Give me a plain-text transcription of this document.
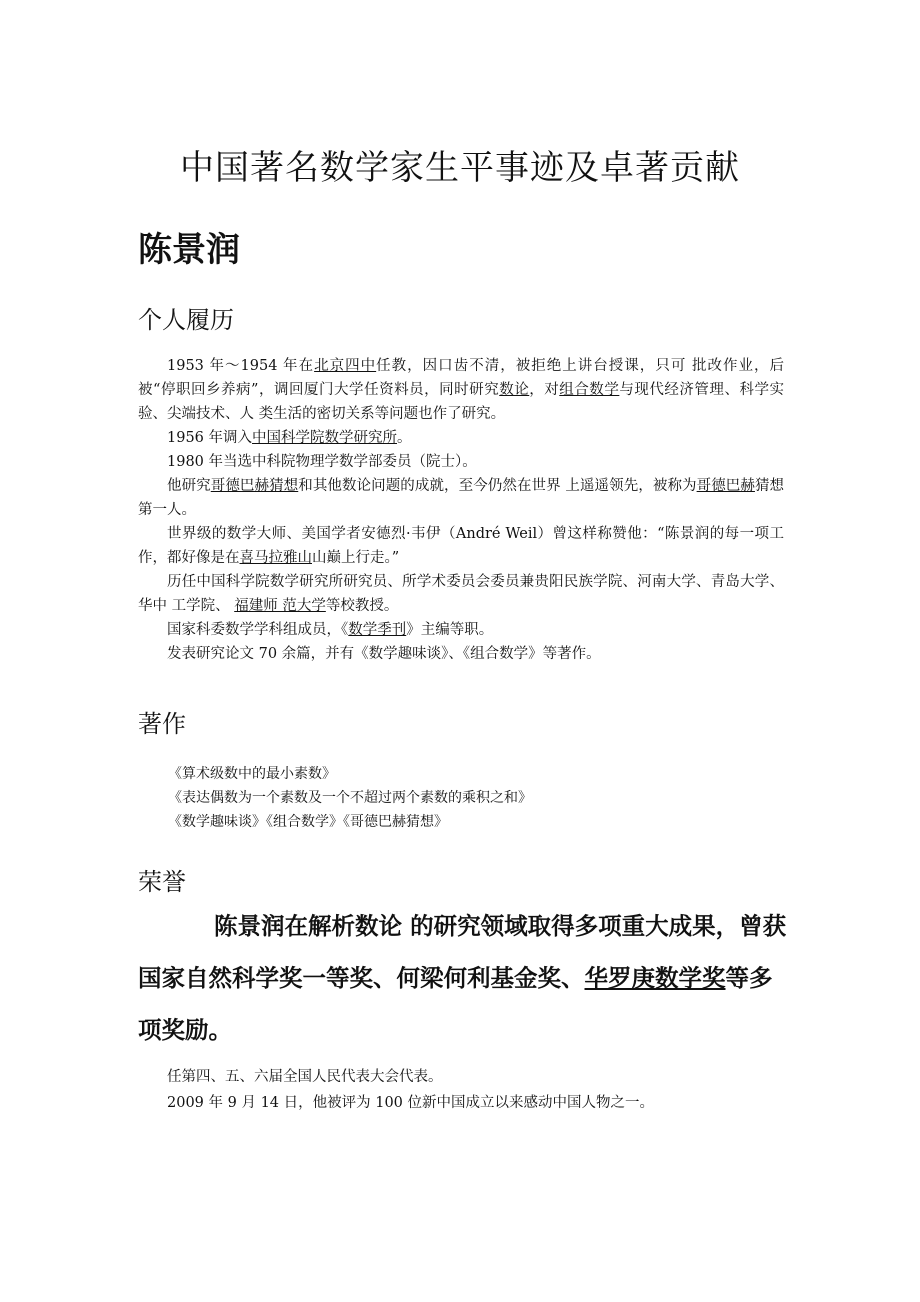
中国著名数学家生平事迹及卓著贡献
陈景润
个人履历

1953 年～1954 年在北京四中任教，因口齿不清，被拒绝上讲台授课，只可 批改作业，后被“停职回乡养病”，调回厦门大学任资料员，同时研究数论，对组合数学与现代经济管理、科学实验、尖端技术、人 类生活的密切关系等问题也作了研究。

1956 年调入中国科学院数学研究所。

1980 年当选中科院物理学数学部委员（院士）。

他研究哥德巴赫猜想和其他数论问题的成就，至今仍然在世界 上遥遥领先，被称为哥德巴赫猜想第一人。

世界级的数学大师、美国学者安德烈·韦伊（André Weil）曾这样称赞他：“陈景润的每一项工作，都好像是在喜马拉雅山山巅上行走。”

历任中国科学院数学研究所研究员、所学术委员会委员兼贵阳民族学院、河南大学、青岛大学、华中 工学院、 福建师 范大学等校教授。

国家科委数学学科组成员，《数学季刊》主编等职。

发表研究论文 70 余篇，并有《数学趣味谈》、《组合数学》等著作。

著作
《算术级数中的最小素数》
《表达偶数为一个素数及一个不超过两个素数的乘积之和》
《数学趣味谈》《组合数学》《哥德巴赫猜想》
荣誉
陈景润在解析数论 的研究领域取得多项重大成果，曾获国家自然科学奖一等奖、何梁何利基金奖、华罗庚数学奖等多项奖励。

任第四、五、六届全国人民代表大会代表。

2009 年 9 月 14 日，他被评为 100 位新中国成立以来感动中国人物之一。
